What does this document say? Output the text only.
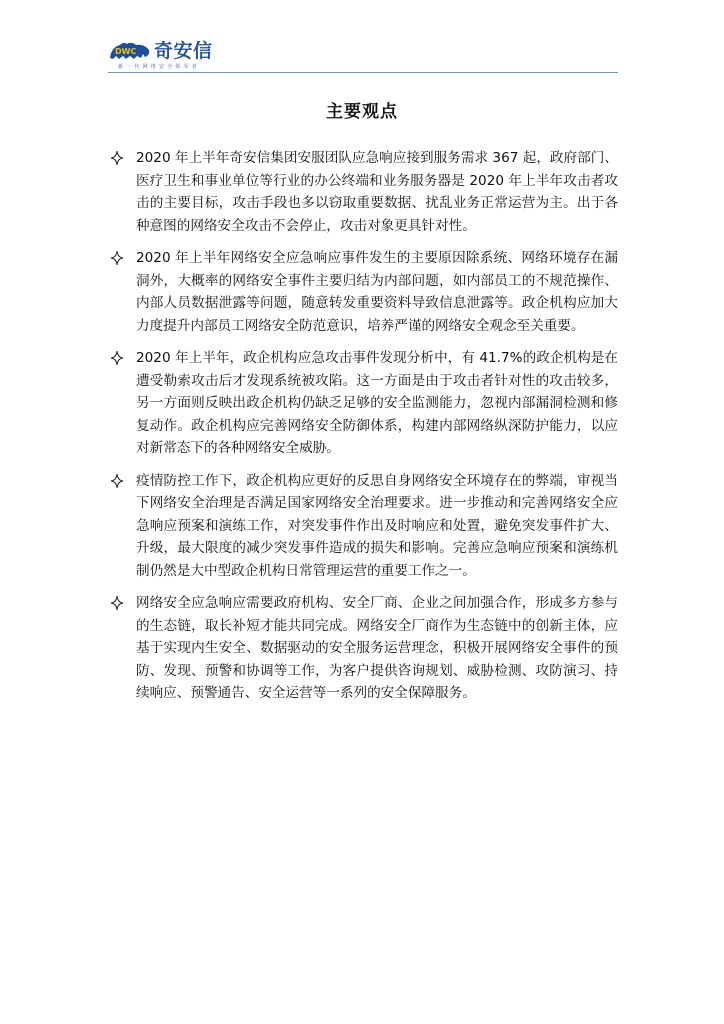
DWC 奇安信
新一代网络安全领军者
主要观点
2020 年上半年奇安信集团安服团队应急响应接到服务需求 367 起，政府部门、医疗卫生和事业单位等行业的办公终端和业务服务器是 2020 年上半年攻击者攻击的主要目标，攻击手段也多以窃取重要数据、扰乱业务正常运营为主。出于各种意图的网络安全攻击不会停止，攻击对象更具针对性。
2020 年上半年网络安全应急响应事件发生的主要原因除系统、网络环境存在漏洞外，大概率的网络安全事件主要归结为内部问题，如内部员工的不规范操作、内部人员数据泄露等问题，随意转发重要资料导致信息泄露等。政企机构应加大力度提升内部员工网络安全防范意识，培养严谨的网络安全观念至关重要。
2020 年上半年，政企机构应急攻击事件发现分析中，有 41.7%的政企机构是在遭受勒索攻击后才发现系统被攻陷。这一方面是由于攻击者针对性的攻击较多，另一方面则反映出政企机构仍缺乏足够的安全监测能力，忽视内部漏洞检测和修复动作。政企机构应完善网络安全防御体系，构建内部网络纵深防护能力，以应对新常态下的各种网络安全威胁。
疫情防控工作下，政企机构应更好的反思自身网络安全环境存在的弊端，审视当下网络安全治理是否满足国家网络安全治理要求。进一步推动和完善网络安全应急响应预案和演练工作，对突发事件作出及时响应和处置，避免突发事件扩大、升级，最大限度的减少突发事件造成的损失和影响。完善应急响应预案和演练机制仍然是大中型政企机构日常管理运营的重要工作之一。
网络安全应急响应需要政府机构、安全厂商、企业之间加强合作，形成多方参与的生态链，取长补短才能共同完成。网络安全厂商作为生态链中的创新主体，应基于实现内生安全、数据驱动的安全服务运营理念，积极开展网络安全事件的预防、发现、预警和协调等工作，为客户提供咨询规划、威胁检测、攻防演习、持续响应、预警通告、安全运营等一系列的安全保障服务。
